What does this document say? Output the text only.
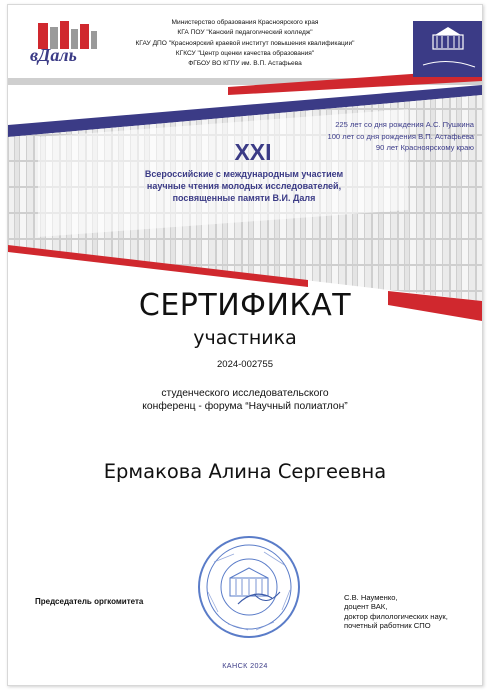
вДаль
Министерство образования Красноярского края
КГА ПОУ "Канский педагогический колледж"
КГАУ ДПО "Красноярский краевой институт повышения квалификации"
КГКСУ "Центр оценки качества образования"
ФГБОУ ВО КГПУ им. В.П. Астафьева
225 лет со дня рождения А.С. Пушкина
100 лет со дня рождения В.П. Астафьева
90 лет Красноярскому краю
XXI
Всероссийские с международным участием
научные чтения молодых исследователей,
посвященные памяти В.И. Даля
СЕРТИФИКАТ
участника
2024-002755
студенческого исследовательского
конференц - форума “Научный полиатлон”
Ермакова Алина Сергеевна
Председатель оргкомитета	С.В. Науменко,
доцент ВАК,
доктор филологических наук,
почетный работник СПО
КАНСК 2024
